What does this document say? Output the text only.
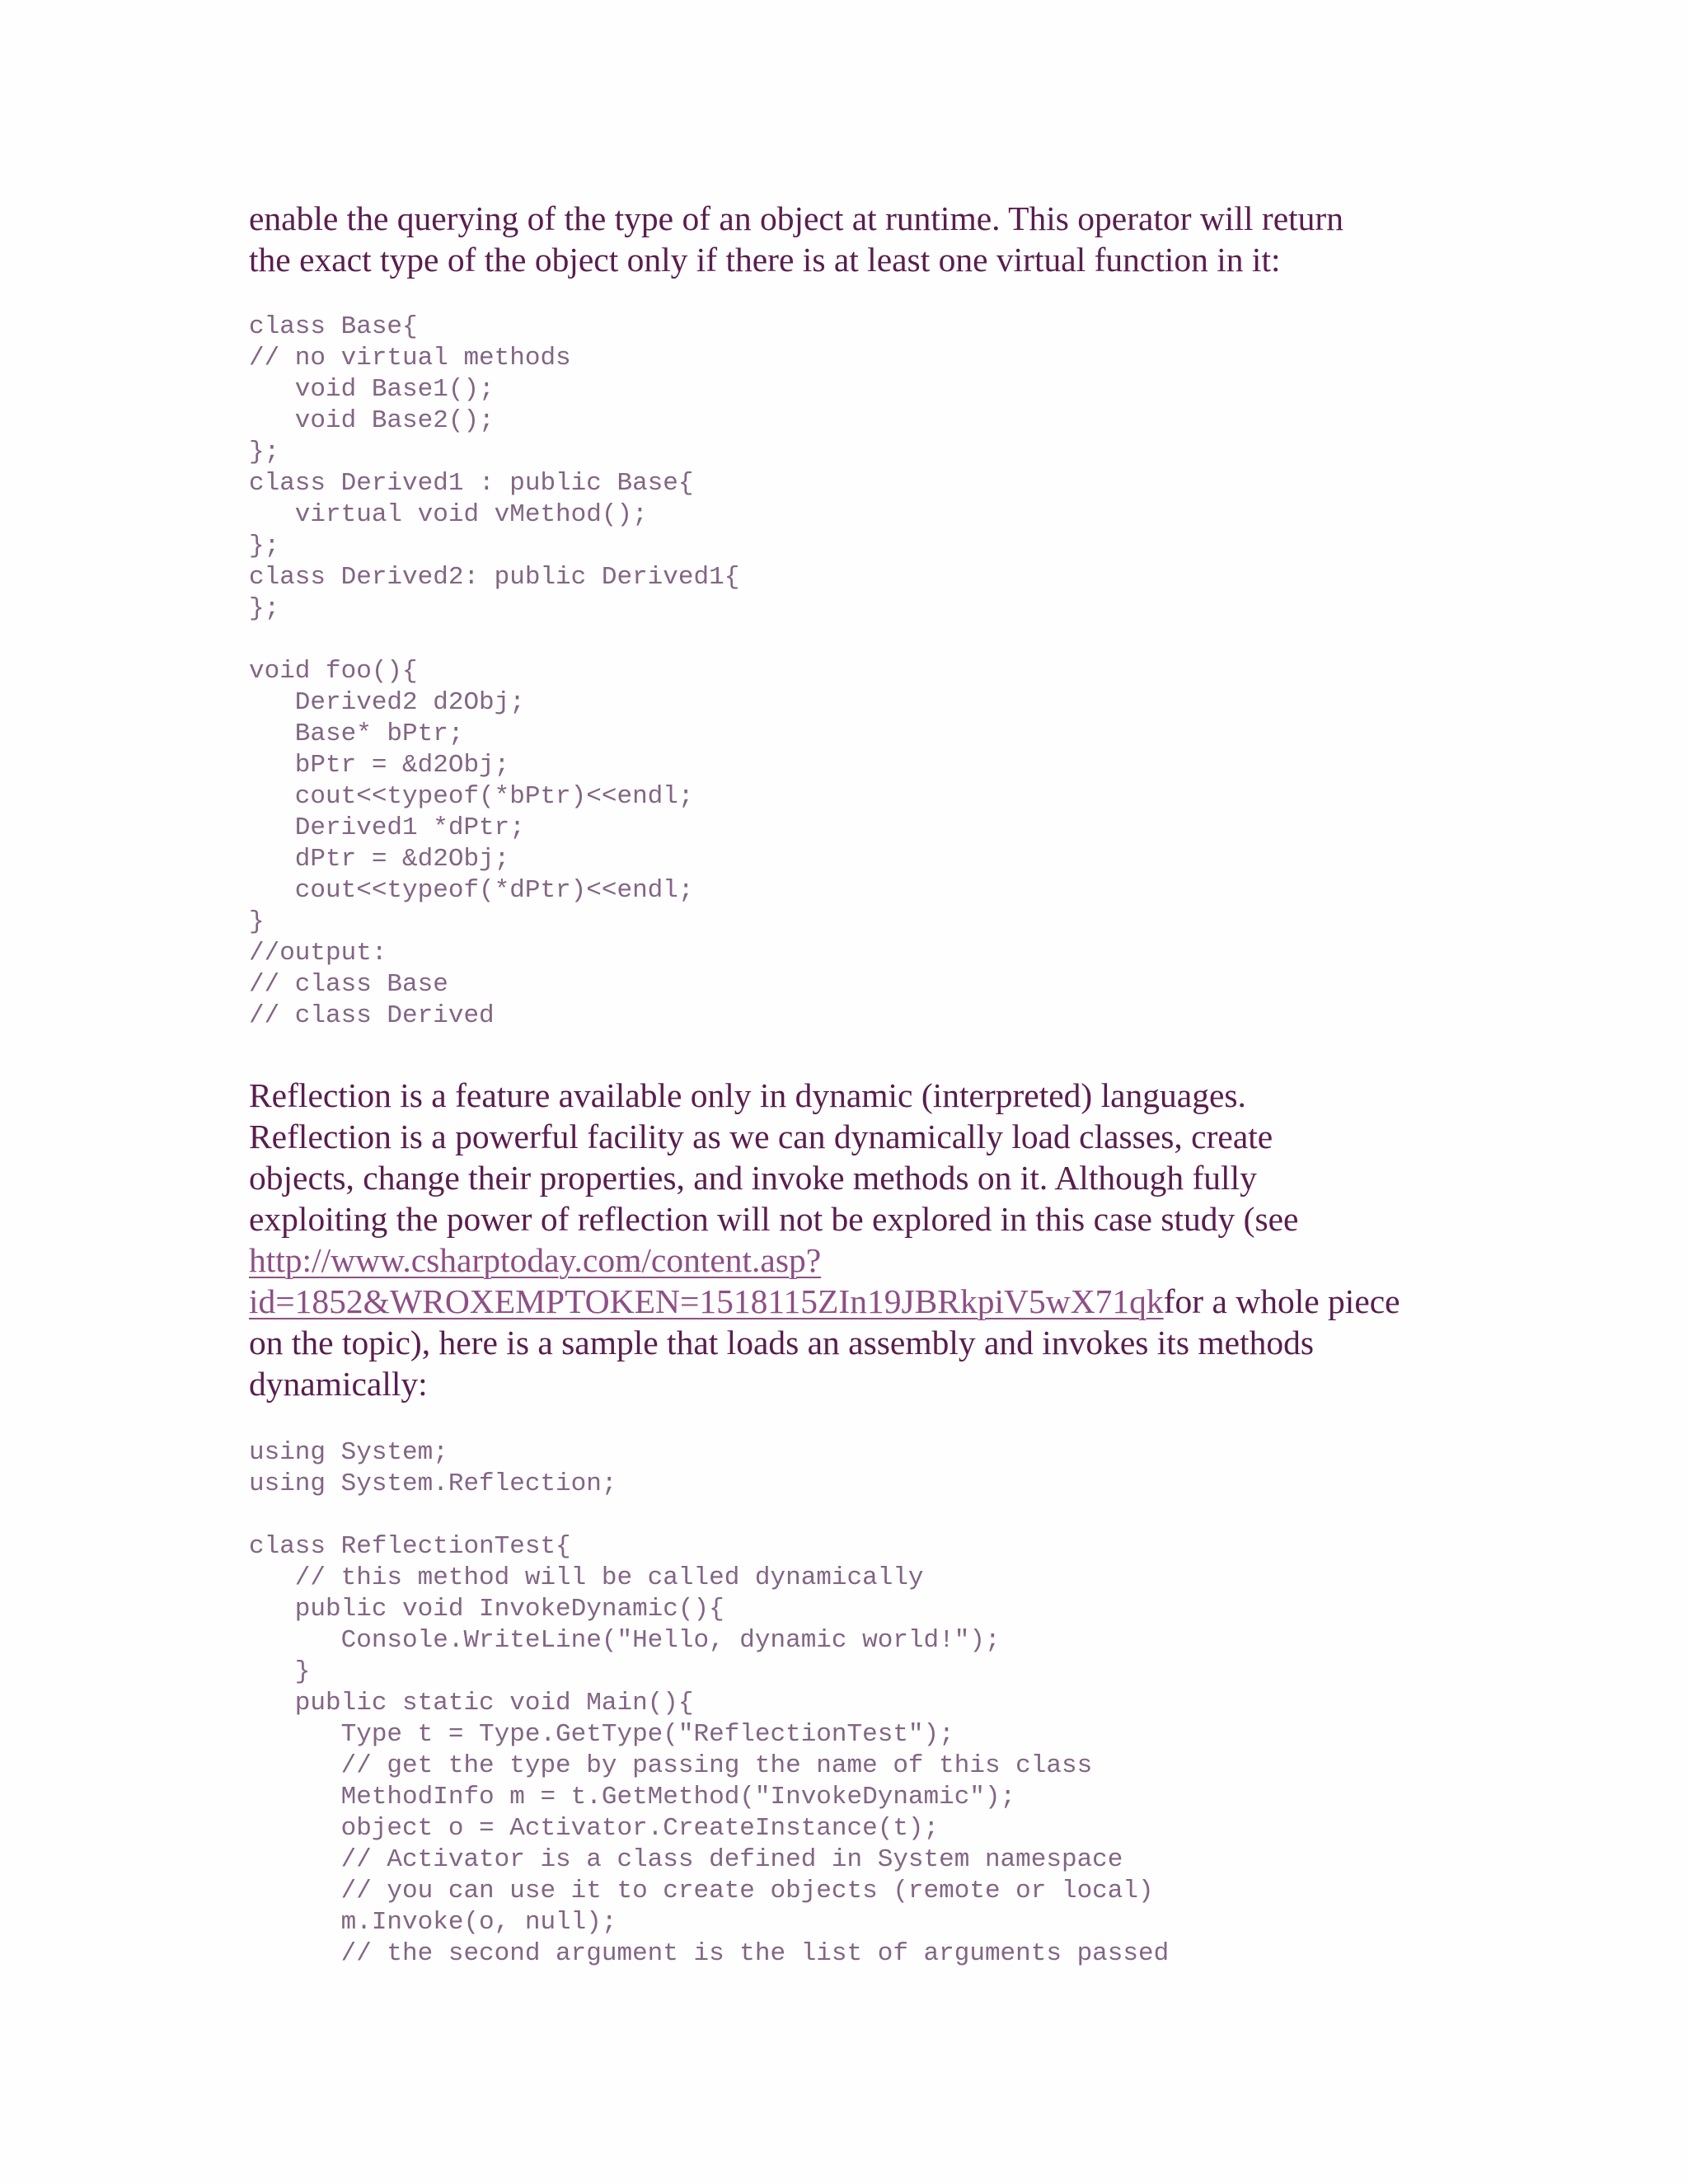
enable the querying of the type of an object at runtime. This operator will return
the exact type of the object only if there is at least one virtual function in it:

class Base{
// no virtual methods
void Base1();
void Base2();
};
class Derived1 : public Base{
virtual void vMethod();
};
class Derived2: public Derived1{
};

void foo(){
Derived2 d2Obj;
Base* bPtr;
bPtr = &d2Obj;
cout<<typeof(*bPtr)<<endl;
Derived1 *dPtr;
dPtr = &d2Obj;
cout<<typeof(*dPtr)<<endl;
}
//output:
// class Base
// class Derived

Reflection is a feature available only in dynamic (interpreted) languages.
Reflection is a powerful facility as we can dynamically load classes, create
objects, change their properties, and invoke methods on it. Although fully
exploiting the power of reflection will not be explored in this case study (see
http://www.csharptoday.com/content.asp?
id=1852&WROXEMPTOKEN=1518115ZIn19JBRkpiV5wX71qkfor a whole piece
on the topic), here is a sample that loads an assembly and invokes its methods
dynamically:

using System;
using System.Reflection;

class ReflectionTest{
// this method will be called dynamically
public void InvokeDynamic(){
Console.WriteLine("Hello, dynamic world!");
}
public static void Main(){
Type t = Type.GetType("ReflectionTest");
// get the type by passing the name of this class
MethodInfo m = t.GetMethod("InvokeDynamic");
object o = Activator.CreateInstance(t);
// Activator is a class defined in System namespace
// you can use it to create objects (remote or local)
m.Invoke(o, null);
// the second argument is the list of arguments passed
